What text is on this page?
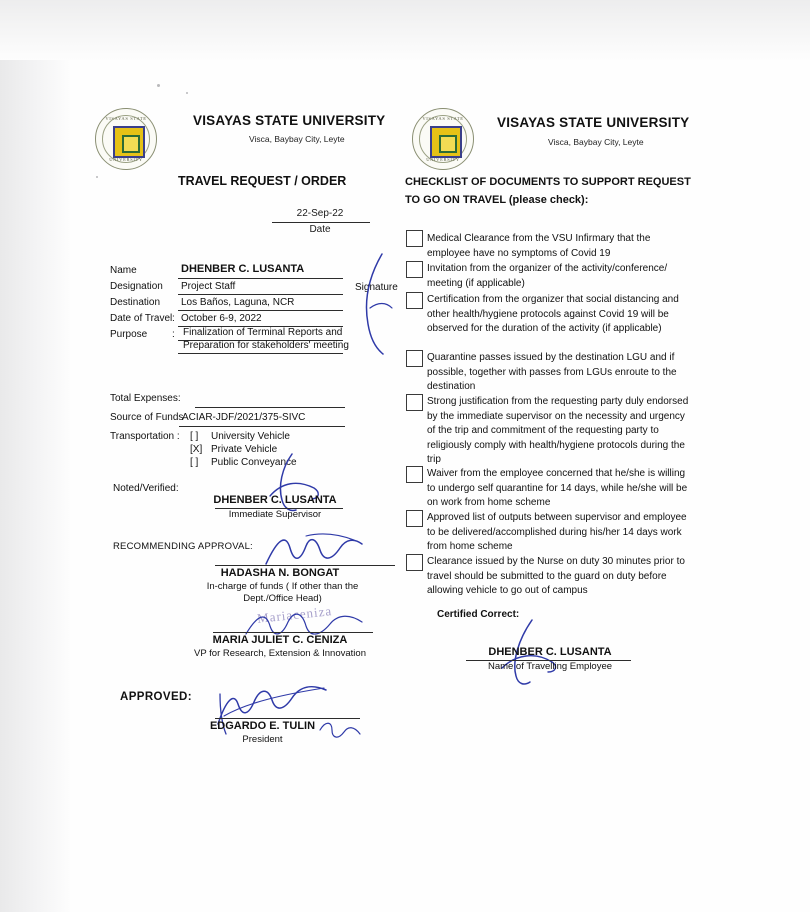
VISAYAS STATE
UNIVERSITY
VISAYAS STATE UNIVERSITY
Visca, Baybay City, Leyte
TRAVEL REQUEST / ORDER
22-Sep-22
Date
Name	DHENBER C. LUSANTA
Designation Project Staff
Destination Los Baños, Laguna, NCR
Date of Travel : October 6-9, 2022
Purpose : Finalization of Terminal Reports and
Preparation for stakeholders' meeting
Signature
Total Expenses:
Source of Funds
ACIAR-JDF/2021/375-SIVC
Transportation : [ ] University Vehicle
[X] Private Vehicle
[ ] Public Conveyance
Noted/Verified:
DHENBER C. LUSANTA
Immediate Supervisor
RECOMMENDING APPROVAL:
HADASHA N. BONGAT
In-charge of funds ( If other than the
Dept./Office Head)
Mariaceniza
MARIA JULIET C. CENIZA
VP for Research, Extension & Innovation
APPROVED:
EDGARDO E. TULIN
President
VISAYAS STATE
UNIVERSITY
VISAYAS STATE UNIVERSITY
Visca, Baybay City, Leyte
CHECKLIST OF DOCUMENTS TO SUPPORT REQUEST
TO GO ON TRAVEL (please check):
Medical Clearance from the VSU Infirmary that the employee have no symptoms of Covid 19
Invitation from the organizer of the activity/conference/ meeting (if applicable)
Certification from the organizer that social distancing and other health/hygiene protocols against Covid 19 will be observed for the duration of the activity (if applicable)
Quarantine passes issued by the destination LGU and if possible, together with passes from LGUs enroute to the destination
Strong justification from the requesting party duly endorsed by the immediate supervisor on the necessity and urgency of the trip and commitment of the requesting party to religiously comply with health/hygiene protocols during the trip
Waiver from the employee concerned that he/she is willing to undergo self quarantine for 14 days, while he/she will be on work from home scheme
Approved list of outputs between supervisor and employee to be delivered/accomplished during his/her 14 days work from home scheme
Clearance issued by the Nurse on duty 30 minutes prior to travel should be submitted to the guard on duty before allowing vehicle to go out of campus
Certified Correct:
DHENBER C. LUSANTA
Name of Travelling Employee
